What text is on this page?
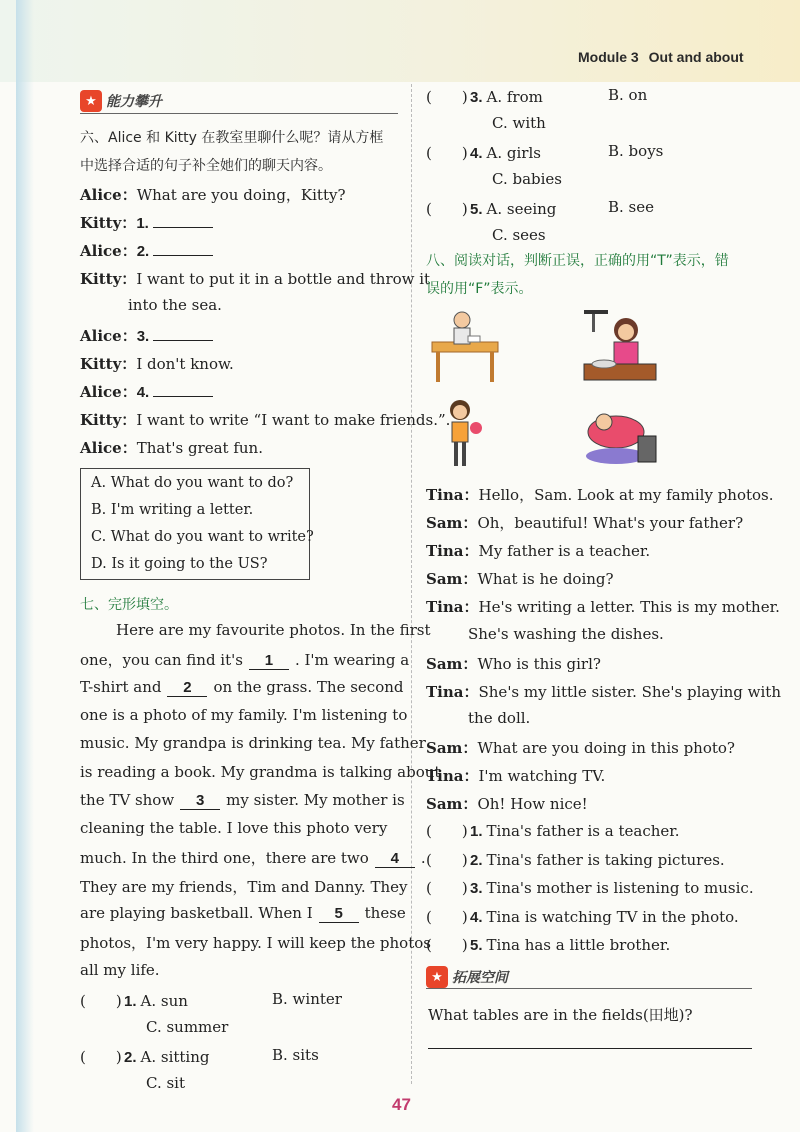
Module 3 Out and about
★ 能力攀升
六、Alice 和 Kitty 在教室里聊什么呢？请从方框
中选择合适的句子补全她们的聊天内容。
Alice：What are you doing，Kitty?
Kitty：1.
Alice：2.
Kitty：I want to put it in a bottle and throw it
into the sea.
Alice：3.
Kitty：I don't know.
Alice：4.
Kitty：I want to write “I want to make friends.”.
Alice：That's great fun.
A. What do you want to do?
B. I'm writing a letter.
C. What do you want to write?
D. Is it going to the US?
七、完形填空。
Here are my favourite photos. In the first
one，you can find it's 1 . I'm wearing a
T-shirt and 2 on the grass. The second
one is a photo of my family. I'm listening to
music. My grandpa is drinking tea. My father
is reading a book. My grandma is talking about
the TV show 3 my sister. My mother is
cleaning the table. I love this photo very
much. In the third one，there are two 4 .
They are my friends，Tim and Danny. They
are playing basketball. When I 5 these
photos，I'm very happy. I will keep the photos
all my life.
(　　) 1. A. sun	B. winter
C. summer
(　　) 2. A. sitting	B. sits
C. sit
(　　) 3. A. from	B. on
C. with
(　　) 4. A. girls	B. boys
C. babies
(　　) 5. A. seeing	B. see
C. sees
八、阅读对话，判断正误，正确的用“T”表示，错
误的用“F”表示。
Tina：Hello，Sam. Look at my family photos.
Sam：Oh，beautiful! What's your father?
Tina：My father is a teacher.
Sam：What is he doing?
Tina：He's writing a letter. This is my mother.
She's washing the dishes.
Sam：Who is this girl?
Tina：She's my little sister. She's playing with
the doll.
Sam：What are you doing in this photo?
Tina：I'm watching TV.
Sam：Oh! How nice!
(　　) 1. Tina's father is a teacher.
(　　) 2. Tina's father is taking pictures.
(　　) 3. Tina's mother is listening to music.
(　　) 4. Tina is watching TV in the photo.
(　　) 5. Tina has a little brother.
★ 拓展空间
What tables are in the fields(田地)?
47
